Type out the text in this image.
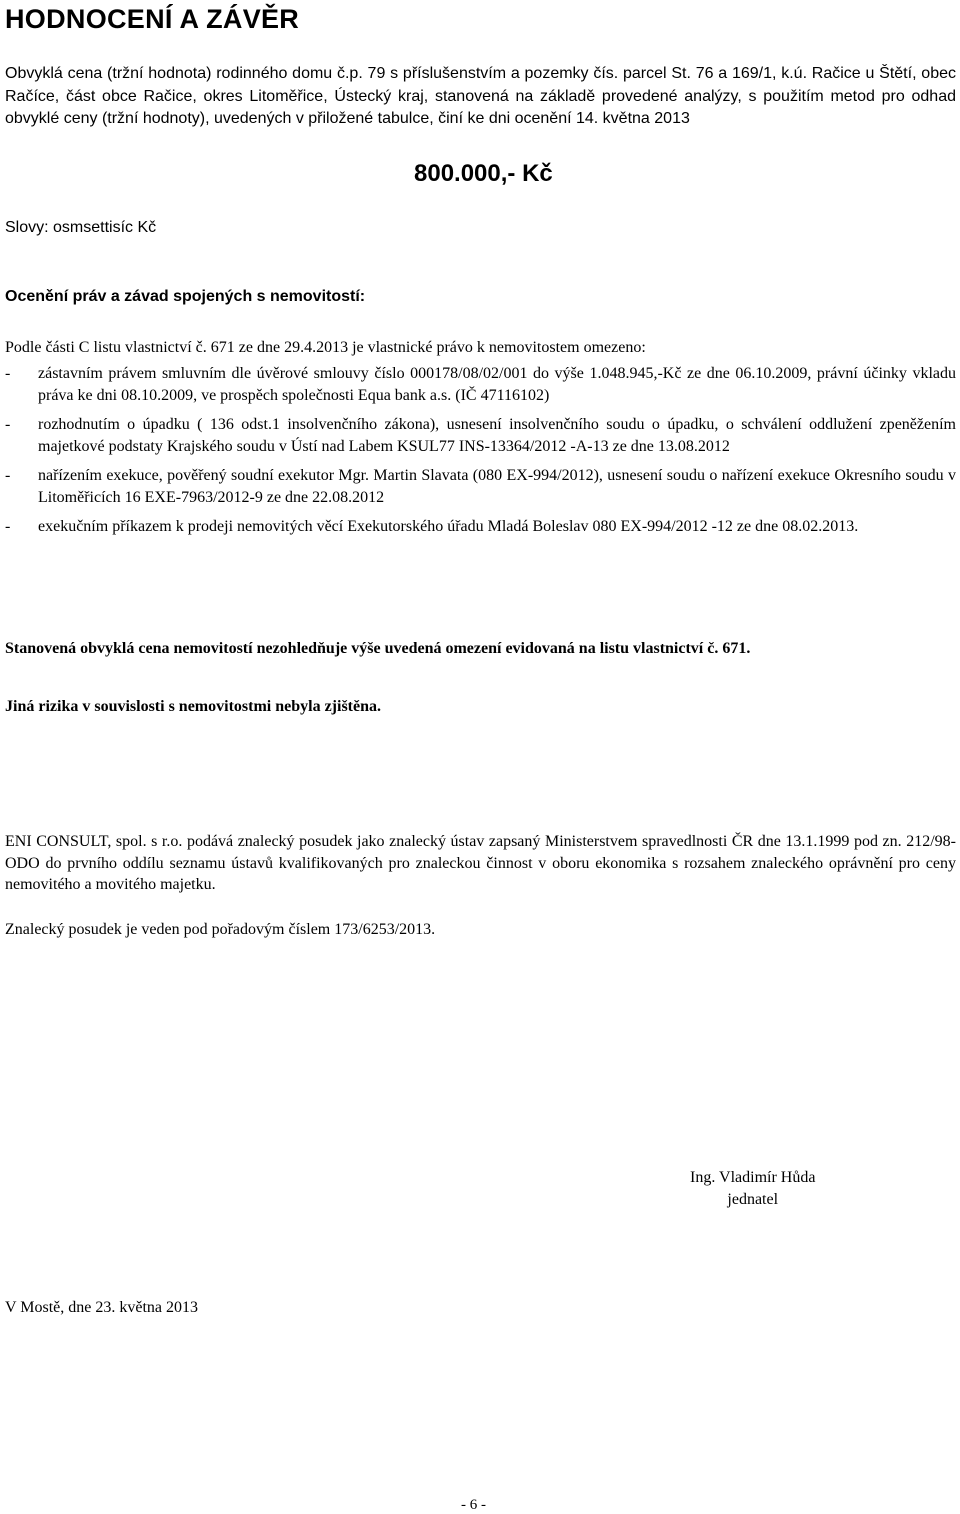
HODNOCENÍ A ZÁVĚR
Obvyklá cena (tržní hodnota) rodinného domu č.p. 79 s příslušenstvím a pozemky čís. parcel St. 76 a 169/1, k.ú. Račice u Štětí, obec Račíce, část obce Račice, okres Litoměřice, Ústecký kraj, stanovená na základě provedené analýzy, s použitím metod pro odhad obvyklé ceny (tržní hodnoty), uvedených v přiložené tabulce, činí ke dni ocenění 14. května 2013
800.000,- Kč
Slovy: osmsettisíc Kč
Ocenění práv a závad spojených s nemovitostí:
Podle části C listu vlastnictví č. 671 ze dne 29.4.2013 je vlastnické právo k nemovitostem omezeno:
-	zástavním právem smluvním dle úvěrové smlouvy číslo 000178/08/02/001 do výše 1.048.945,-Kč ze dne 06.10.2009, právní účinky vkladu práva ke dni 08.10.2009, ve prospěch společnosti Equa bank a.s. (IČ 47116102)
-	rozhodnutím o úpadku ( 136 odst.1 insolvenčního zákona), usnesení insolvenčního soudu o úpadku, o schválení oddlužení zpeněžením majetkové podstaty Krajského soudu v Ústí nad Labem KSUL77 INS-13364/2012 -A-13 ze dne 13.08.2012
-	nařízením exekuce, pověřený soudní exekutor Mgr. Martin Slavata (080 EX-994/2012), usnesení soudu o nařízení exekuce Okresního soudu v Litoměřicích 16 EXE-7963/2012-9 ze dne 22.08.2012
-	exekučním příkazem k prodeji nemovitých věcí Exekutorského úřadu Mladá Boleslav 080 EX-994/2012 -12 ze dne 08.02.2013.
Stanovená obvyklá cena nemovitostí nezohledňuje výše uvedená omezení evidovaná na listu vlastnictví č. 671.
Jiná rizika v souvislosti s nemovitostmi nebyla zjištěna.
ENI CONSULT, spol. s r.o. podává znalecký posudek jako znalecký ústav zapsaný Ministerstvem spravedlnosti ČR dne 13.1.1999 pod zn. 212/98-ODO do prvního oddílu seznamu ústavů kvalifikovaných pro znaleckou činnost v oboru ekonomika s rozsahem znaleckého oprávnění pro ceny nemovitého a movitého majetku.
Znalecký posudek je veden pod pořadovým číslem 173/6253/2013.
Ing. Vladimír Hůda
jednatel
V Mostě, dne 23. května 2013
- 6 -
